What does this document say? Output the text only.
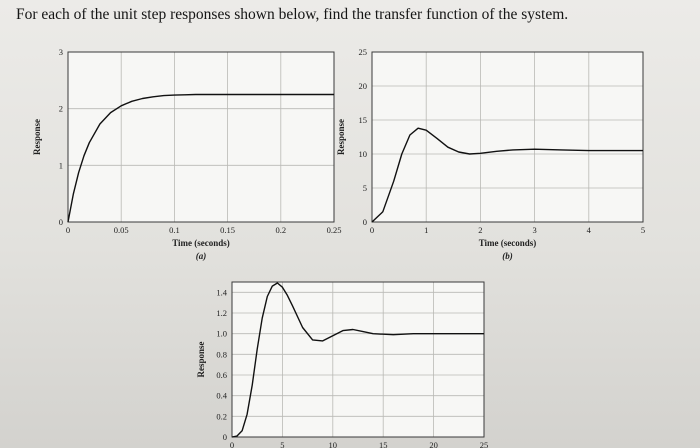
For each of the unit step responses shown below, find the transfer function of the system.
0	0.05	0.1	0.15	0.2	0.25
0
1
2
3
Time (seconds)
Response
(a)
0	1	2	3	4	5
0
5
10
15
20
25
Time (seconds)
Response
(b)
0	5	10	15	20	25
0
0.2
0.4
0.6
0.8
1.0
1.2
1.4
Response
